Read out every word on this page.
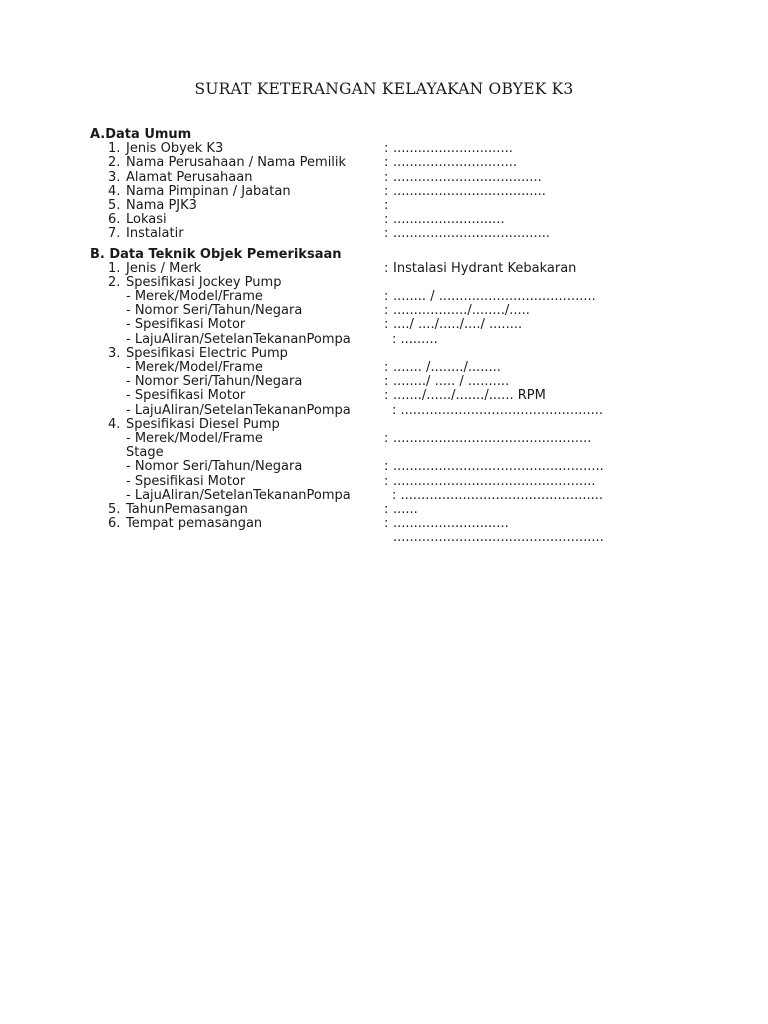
SURAT KETERANGAN KELAYAKAN OBYEK K3
A.Data Umum
1. Jenis Obyek K3	: .............................
2. Nama Perusahaan / Nama Pemilik	: ..............................
3. Alamat Perusahaan	: ....................................
4. Nama Pimpinan / Jabatan	: .....................................
5. Nama PJK3	:
6. Lokasi	: ...........................
7. Instalatir	: ......................................
B. Data Teknik Objek Pemeriksaan
1. Jenis / Merk	: Instalasi Hydrant Kebakaran
2. Spesifikasi Jockey Pump
- Merek/Model/Frame	: ........ / ......................................
- Nomor Seri/Tahun/Negara	: ................../......../.....
- Spesifikasi Motor	: ..../ ..../...../..../ ........
- LajuAliran/SetelanTekananPompa	: .........
3. Spesifikasi Electric Pump
- Merek/Model/Frame	: ....... /......../........
- Nomor Seri/Tahun/Negara	: ......../ ..... / ..........
- Spesifikasi Motor	: ......./....../......./...... RPM
- LajuAliran/SetelanTekananPompa	: .................................................
4. Spesifikasi Diesel Pump
- Merek/Model/Frame	: ................................................
Stage
- Nomor Seri/Tahun/Negara	: ...................................................
- Spesifikasi Motor	: .................................................
- LajuAliran/SetelanTekananPompa	: .................................................
5. TahunPemasangan	: ......
6. Tempat pemasangan	: ............................
...................................................
